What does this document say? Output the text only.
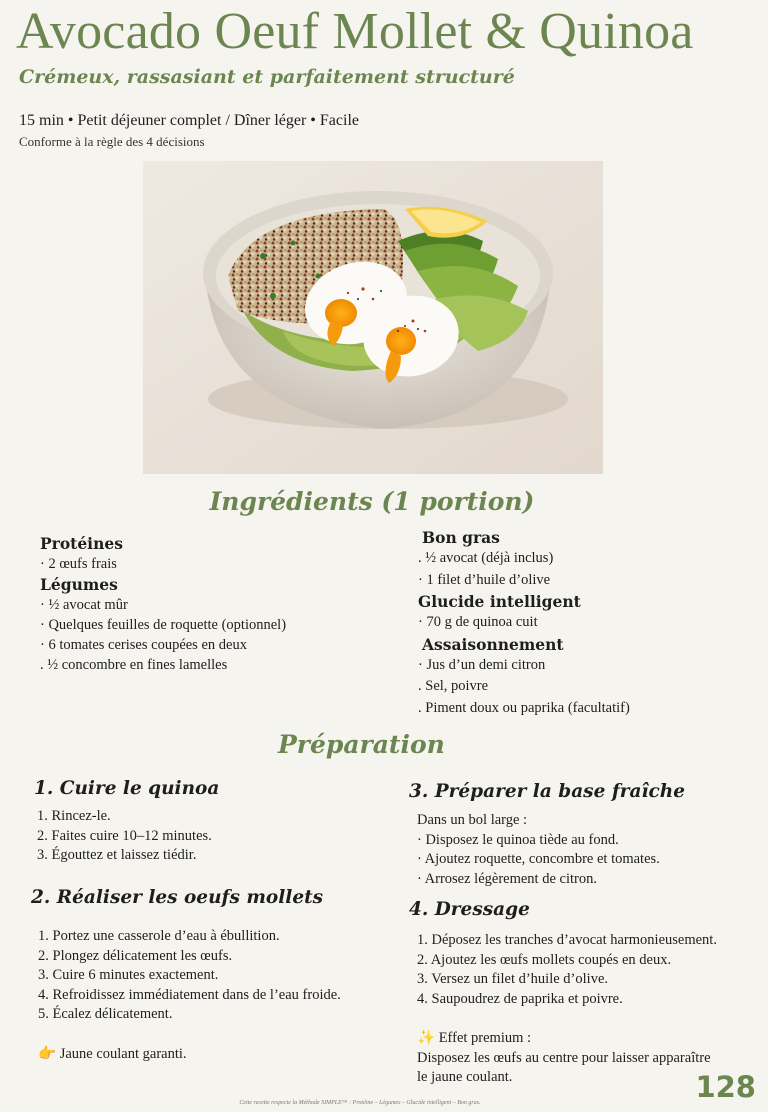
Avocado Oeuf Mollet & Quinoa
Crémeux, rassasiant et parfaitement structuré
15 min • Petit déjeuner complet / Dîner léger • Facile
Conforme à la règle des 4 décisions
Ingrédients (1 portion)
Protéines
· 2 œufs frais
Légumes
· ½ avocat mûr
· Quelques feuilles de roquette (optionnel)
· 6 tomates cerises coupées en deux
. ½ concombre en fines lamelles
Bon gras
. ½ avocat (déjà inclus)
· 1 filet d’huile d’olive
Glucide intelligent
· 70 g de quinoa cuit
Assaisonnement
· Jus d’un demi citron
. Sel, poivre
. Piment doux ou paprika (facultatif)
Préparation
1. Cuire le quinoa
1. Rincez-le.
2. Faites cuire 10–12 minutes.
3. Égouttez et laissez tiédir.
2. Réaliser les oeufs mollets
1. Portez une casserole d’eau à ébullition.
2. Plongez délicatement les œufs.
3. Cuire 6 minutes exactement.
4. Refroidissez immédiatement dans de l’eau froide.
5. Écalez délicatement.
👉 Jaune coulant garanti.
3. Préparer la base fraîche
Dans un bol large :
· Disposez le quinoa tiède au fond.
· Ajoutez roquette, concombre et tomates.
· Arrosez légèrement de citron.
4. Dressage
1. Déposez les tranches d’avocat harmonieusement.
2. Ajoutez les œufs mollets coupés en deux.
3. Versez un filet d’huile d’olive.
4. Saupoudrez de paprika et poivre.
✨ Effet premium :
Disposez les œufs au centre pour laisser apparaître
le jaune coulant.	128
Cette recette respecte la Méthode SIMPLE™ : Protéine – Légumes – Glucide intelligent – Bon gras.
